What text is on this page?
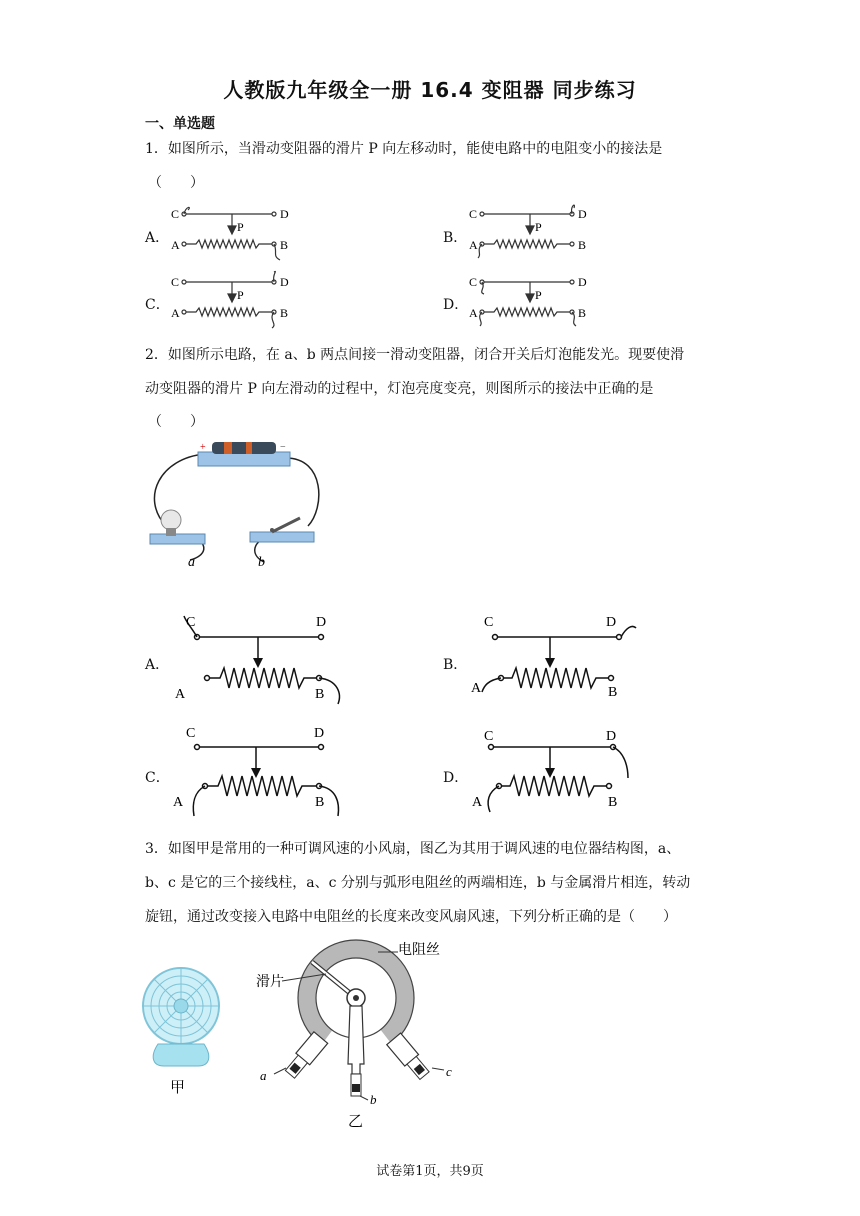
人教版九年级全一册 16.4 变阻器 同步练习
一、单选题
1．如图所示，当滑动变阻器的滑片 P 向左移动时，能使电路中的电阻变小的接法是
（　　）
A．	B．
C．	D．
C	D
A	B
P
C	D
A	B
P
C	D
A	B
P
C	D
A	B
P
2．如图所示电路，在 a、b 两点间接一滑动变阻器，闭合开关后灯泡能发光。现要使滑
动变阻器的滑片 P 向左滑动的过程中，灯泡亮度变亮，则图所示的接法中正确的是
（　　）
+	−
a	b
A．	B．
C．	D．
C	D
A	B
C	D
A	B
C	D
A	B
C	D
A	B
3．如图甲是常用的一种可调风速的小风扇，图乙为其用于调风速的电位器结构图，a、
b、c 是它的三个接线柱，a、c 分别与弧形电阻丝的两端相连，b 与金属滑片相连，转动
旋钮，通过改变接入电路中电阻丝的长度来改变风扇风速，下列分析正确的是（　　）
甲
滑片
电阻丝
a
b
c
乙
试卷第1页，共9页
